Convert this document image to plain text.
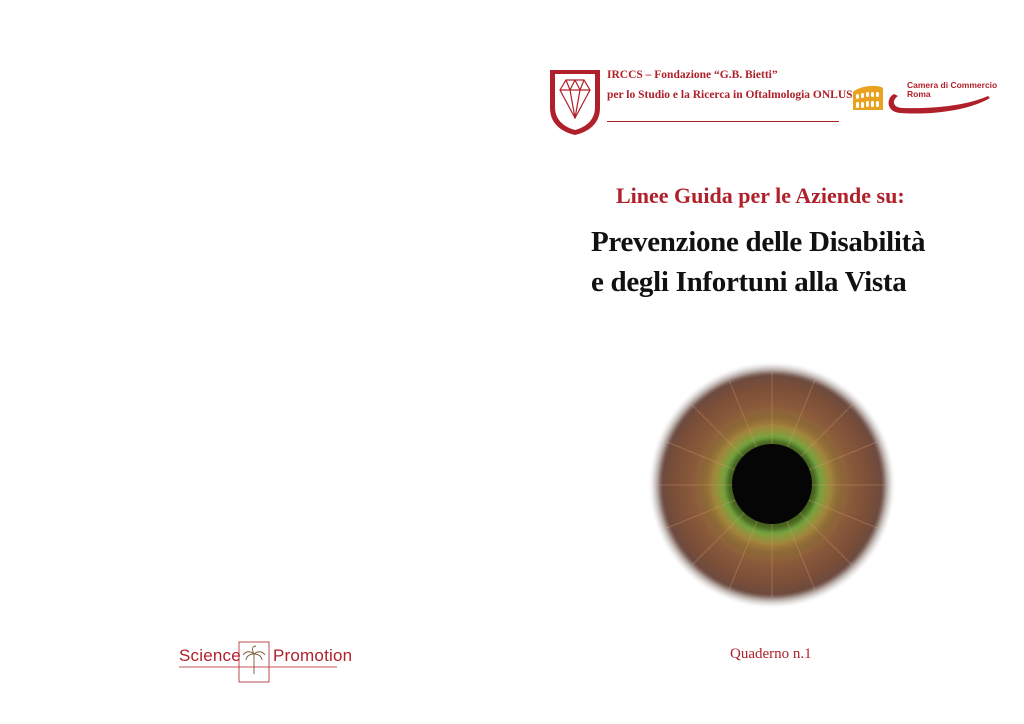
IRCCS – Fondazione “G.B. Bietti”
per lo Studio e la Ricerca in Oftalmologia ONLUS
Camera di Commercio
Roma
Linee Guida per le Aziende su:
Prevenzione delle Disabilità
e degli Infortuni alla Vista
Quaderno n.1
Science Promotion
